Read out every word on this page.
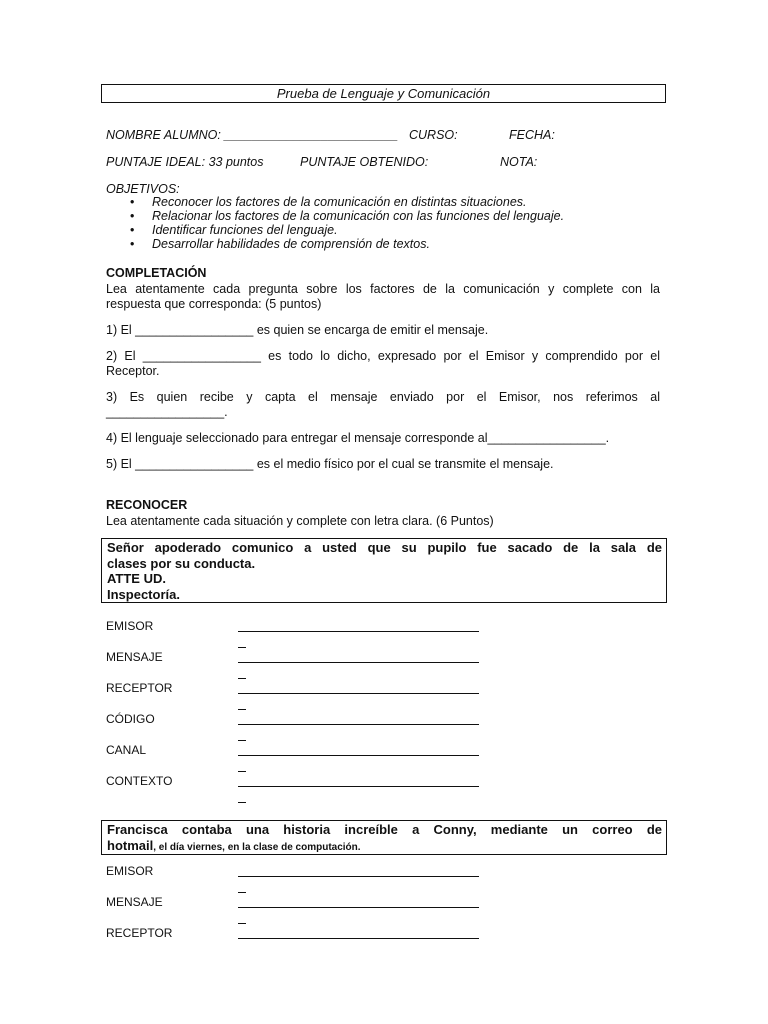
Prueba de Lenguaje y Comunicación
NOMBRE ALUMNO: _________________________ CURSO:	FECHA:
PUNTAJE IDEAL: 33 puntos	PUNTAJE OBTENIDO:	NOTA:
OBJETIVOS:
• Reconocer los factores de la comunicación en distintas situaciones.
• Relacionar los factores de la comunicación con las funciones del lenguaje.
• Identificar funciones del lenguaje.
• Desarrollar habilidades de comprensión de textos.
COMPLETACIÓN
Lea atentamente cada pregunta sobre los factores de la comunicación y complete con la
respuesta que corresponda: (5 puntos)
1) El _________________ es quien se encarga de emitir el mensaje.
2) El _________________ es todo lo dicho, expresado por el Emisor y comprendido por el
Receptor.
3) Es quien recibe y capta el mensaje enviado por el Emisor, nos referimos al
_________________.
4) El lenguaje seleccionado para entregar el mensaje corresponde al_________________.
5) El _________________ es el medio físico por el cual se transmite el mensaje.
RECONOCER
Lea atentamente cada situación y complete con letra clara. (6 Puntos)

Señor apoderado comunico a usted que su pupilo fue sacado de la sala de

clases por su conducta.

ATTE UD.

Inspectoría.

EMISOR
MENSAJE
RECEPTOR
CÓDIGO
CANAL
CONTEXTO

Francisca contaba una historia increíble a Conny, mediante un correo de

hotmail, el día viernes, en la clase de computación.

EMISOR
MENSAJE
RECEPTOR
